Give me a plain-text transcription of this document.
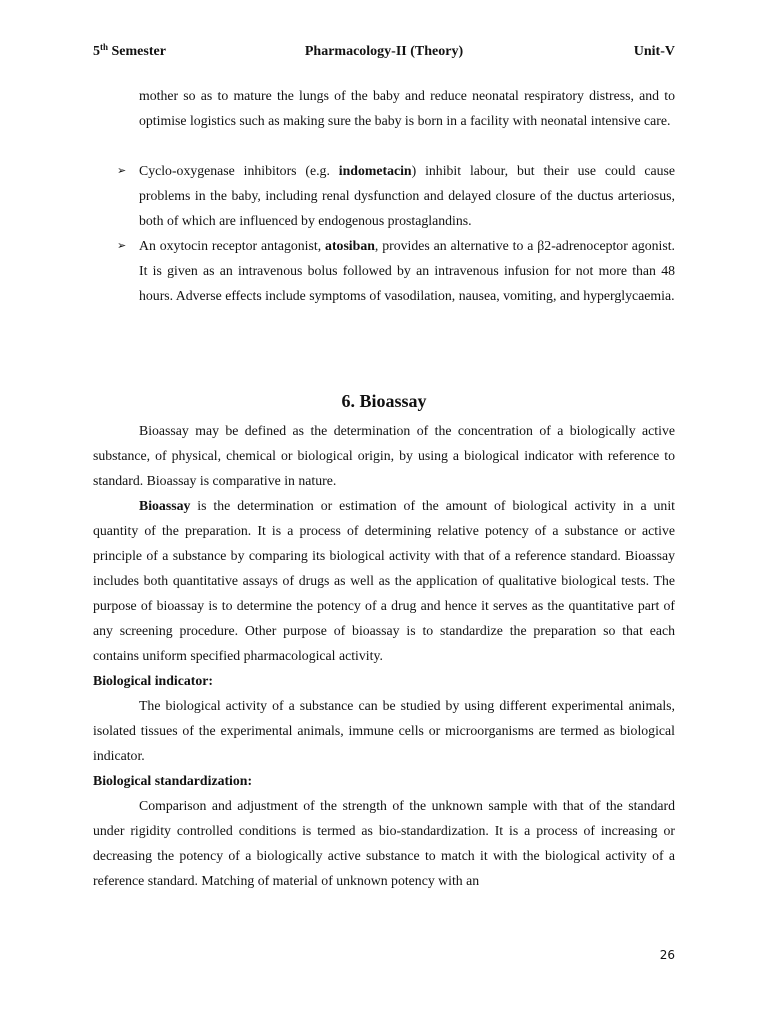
5th Semester	Pharmacology-II (Theory)	Unit-V
mother so as to mature the lungs of the baby and reduce neonatal respiratory distress, and to optimise logistics such as making sure the baby is born in a facility with neonatal intensive care.
➢ Cyclo-oxygenase inhibitors (e.g. indometacin) inhibit labour, but their use could cause problems in the baby, including renal dysfunction and delayed closure of the ductus arteriosus, both of which are influenced by endogenous prostaglandins.
➢ An oxytocin receptor antagonist, atosiban, provides an alternative to a β2-adrenoceptor agonist. It is given as an intravenous bolus followed by an intravenous infusion for not more than 48 hours. Adverse effects include symptoms of vasodilation, nausea, vomiting, and hyperglycaemia.
6. Bioassay

Bioassay may be defined as the determination of the concentration of a biologically active substance, of physical, chemical or biological origin, by using a biological indicator with reference to standard. Bioassay is comparative in nature.

Bioassay is the determination or estimation of the amount of biological activity in a unit quantity of the preparation. It is a process of determining relative potency of a substance or active principle of a substance by comparing its biological activity with that of a reference standard. Bioassay includes both quantitative assays of drugs as well as the application of qualitative biological tests. The purpose of bioassay is to determine the potency of a drug and hence it serves as the quantitative part of any screening procedure. Other purpose of bioassay is to standardize the preparation so that each contains uniform specified pharmacological activity.

Biological indicator:

The biological activity of a substance can be studied by using different experimental animals, isolated tissues of the experimental animals, immune cells or microorganisms are termed as biological indicator.

Biological standardization:

Comparison and adjustment of the strength of the unknown sample with that of the standard under rigidity controlled conditions is termed as bio-standardization. It is a process of increasing or decreasing the potency of a biologically active substance to match it with the biological activity of a reference standard. Matching of material of unknown potency with an

26
